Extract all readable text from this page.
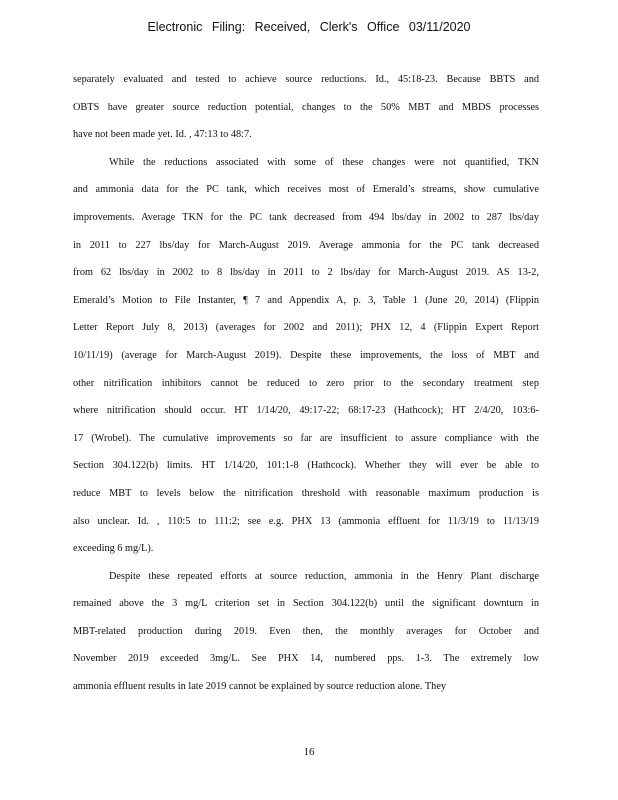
Electronic Filing: Received, Clerk's Office 03/11/2020
separately evaluated and tested to achieve source reductions. Id., 45:18-23. Because BBTS and
OBTS have greater source reduction potential, changes to the 50% MBT and MBDS processes
have not been made yet. Id. , 47:13 to 48:7.
While the reductions associated with some of these changes were not quantified, TKN
and ammonia data for the PC tank, which receives most of Emerald’s streams, show cumulative
improvements. Average TKN for the PC tank decreased from 494 lbs/day in 2002 to 287 lbs/day
in 2011 to 227 lbs/day for March-August 2019. Average ammonia for the PC tank decreased
from 62 lbs/day in 2002 to 8 lbs/day in 2011 to 2 lbs/day for March-August 2019. AS 13-2,
Emerald’s Motion to File Instanter, ¶ 7 and Appendix A, p. 3, Table 1 (June 20, 2014) (Flippin
Letter Report July 8, 2013) (averages for 2002 and 2011); PHX 12, 4 (Flippin Expert Report
10/11/19) (average for March-August 2019). Despite these improvements, the loss of MBT and
other nitrification inhibitors cannot be reduced to zero prior to the secondary treatment step
where nitrification should occur. HT 1/14/20, 49:17-22; 68:17-23 (Hathcock); HT 2/4/20, 103:6-
17 (Wrobel). The cumulative improvements so far are insufficient to assure compliance with the
Section 304.122(b) limits. HT 1/14/20, 101:1-8 (Hathcock). Whether they will ever be able to
reduce MBT to levels below the nitrification threshold with reasonable maximum production is
also unclear. Id. , 110:5 to 111:2; see e.g. PHX 13 (ammonia effluent for 11/3/19 to 11/13/19
exceeding 6 mg/L).
Despite these repeated efforts at source reduction, ammonia in the Henry Plant discharge
remained above the 3 mg/L criterion set in Section 304.122(b) until the significant downturn in
MBT-related production during 2019. Even then, the monthly averages for October and
November 2019 exceeded 3mg/L. See PHX 14, numbered pps. 1-3. The extremely low
ammonia effluent results in late 2019 cannot be explained by source reduction alone. They
16
